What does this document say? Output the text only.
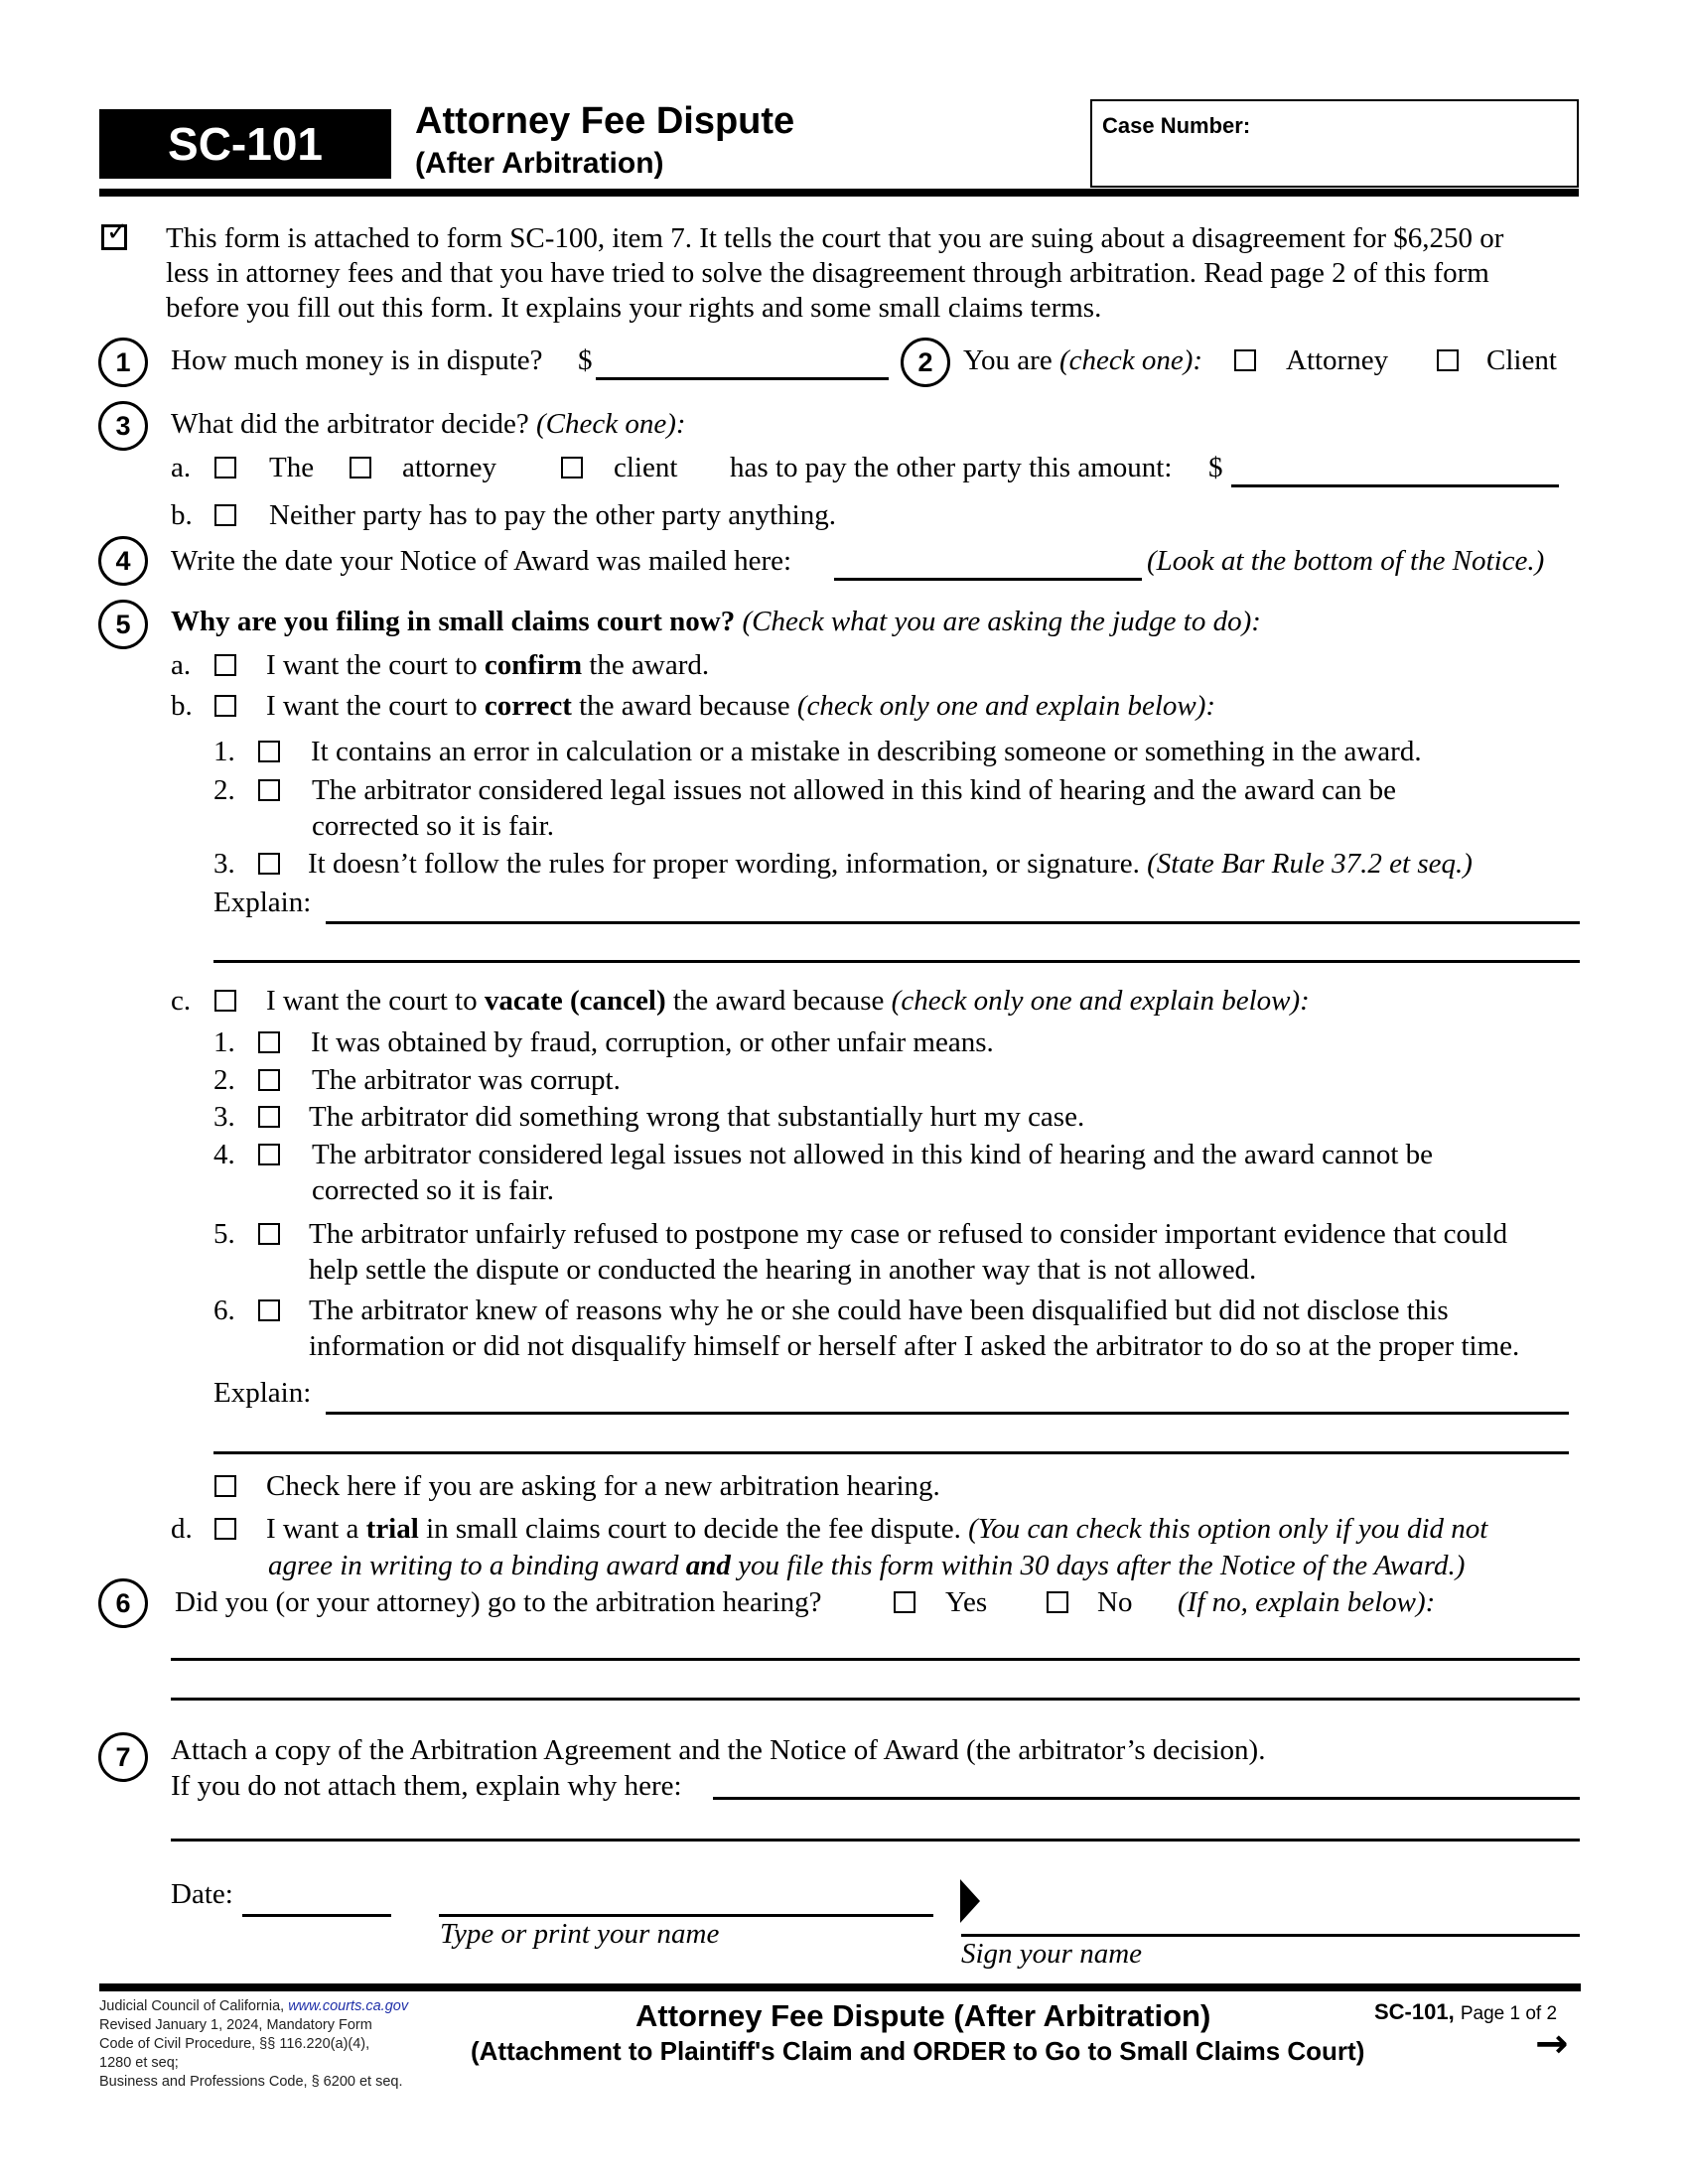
SC-101	Attorney Fee Dispute
(After Arbitration)
Case Number:
✓ This form is attached to form SC-100, item 7. It tells the court that you are suing about a disagreement for $6,250 or
less in attorney fees and that you have tried to solve the disagreement through arbitration. Read page 2 of this form
before you fill out this form. It explains your rights and some small claims terms.
1	How much money is in dispute? $	2	You are (check one):	Attorney	Client
3	What did the arbitrator decide? (Check one):
a.	The	attorney	client has to pay the other party this amount: $
b.	Neither party has to pay the other party anything.
4	Write the date your Notice of Award was mailed here:	(Look at the bottom of the Notice.)
5	Why are you filing in small claims court now? (Check what you are asking the judge to do):
a.	I want the court to confirm the award.
b.	I want the court to correct the award because (check only one and explain below):
1.	It contains an error in calculation or a mistake in describing someone or something in the award.
2.	The arbitrator considered legal issues not allowed in this kind of hearing and the award can be
corrected so it is fair.
3.	It doesn’t follow the rules for proper wording, information, or signature. (State Bar Rule 37.2 et seq.)
Explain:
c.	I want the court to vacate (cancel) the award because (check only one and explain below):
1.	It was obtained by fraud, corruption, or other unfair means.
2.	The arbitrator was corrupt.
3.	The arbitrator did something wrong that substantially hurt my case.
4.	The arbitrator considered legal issues not allowed in this kind of hearing and the award cannot be
corrected so it is fair.
5.	The arbitrator unfairly refused to postpone my case or refused to consider important evidence that could
help settle the dispute or conducted the hearing in another way that is not allowed.
6.	The arbitrator knew of reasons why he or she could have been disqualified but did not disclose this
information or did not disqualify himself or herself after I asked the arbitrator to do so at the proper time.
Explain:
Check here if you are asking for a new arbitration hearing.
d.	I want a trial in small claims court to decide the fee dispute. (You can check this option only if you did not
agree in writing to a binding award and you file this form within 30 days after the Notice of the Award.)
6	Did you (or your attorney) go to the arbitration hearing?	Yes	No (If no, explain below):
7	Attach a copy of the Arbitration Agreement and the Notice of Award (the arbitrator’s decision).
If you do not attach them, explain why here:
Date:
Type or print your name
Sign your name
Judicial Council of California, www.courts.ca.gov
Revised January 1, 2024, Mandatory Form
Code of Civil Procedure, §§ 116.220(a)(4),
1280 et seq;
Business and Professions Code, § 6200 et seq.
Attorney Fee Dispute (After Arbitration)
(Attachment to Plaintiff's Claim and ORDER to Go to Small Claims Court)
SC-101, Page 1 of 2
→
